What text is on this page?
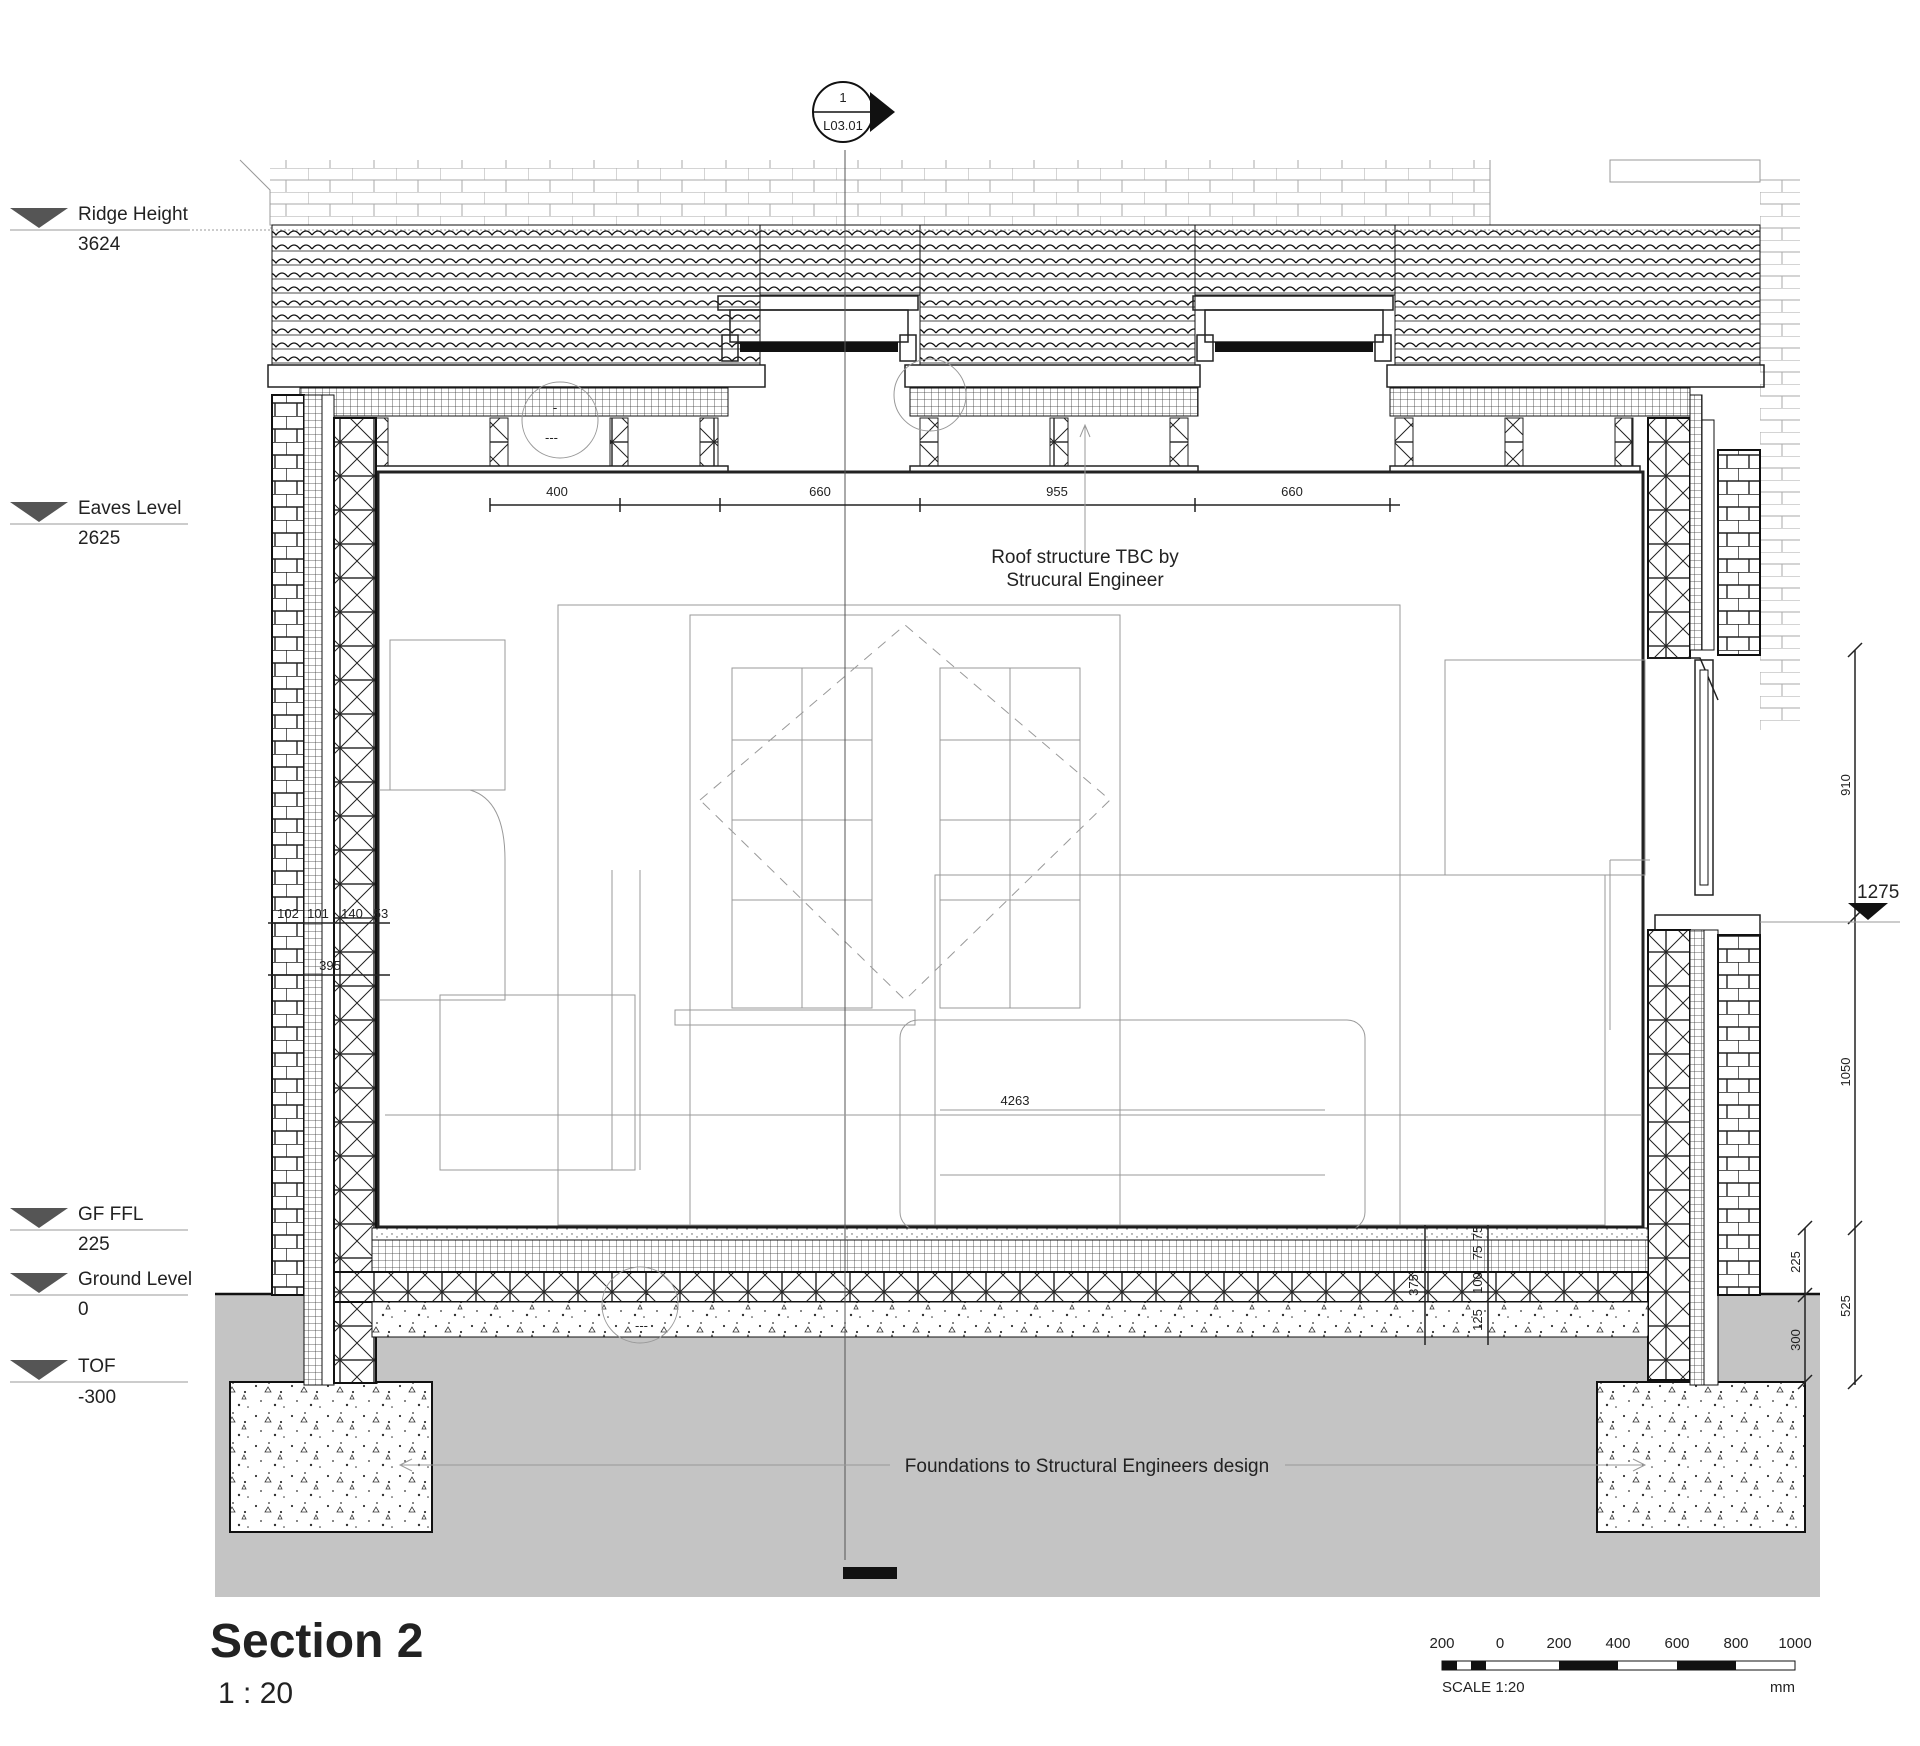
1
L03.01
-
---
-
---
Ridge Height
3624
Eaves Level
2625
GF FFL
225
Ground Level
0
TOF
-300
400	660	955	660
Roof structure TBC by
Strucural Engineer
102 101 140 53
395
4263
375	100
75
75
125
910
1050
225
525
300
1275
Foundations to Structural Engineers design
Section 2
1 : 20
200	0	200 400 600 800 1000
SCALE 1:20	mm
